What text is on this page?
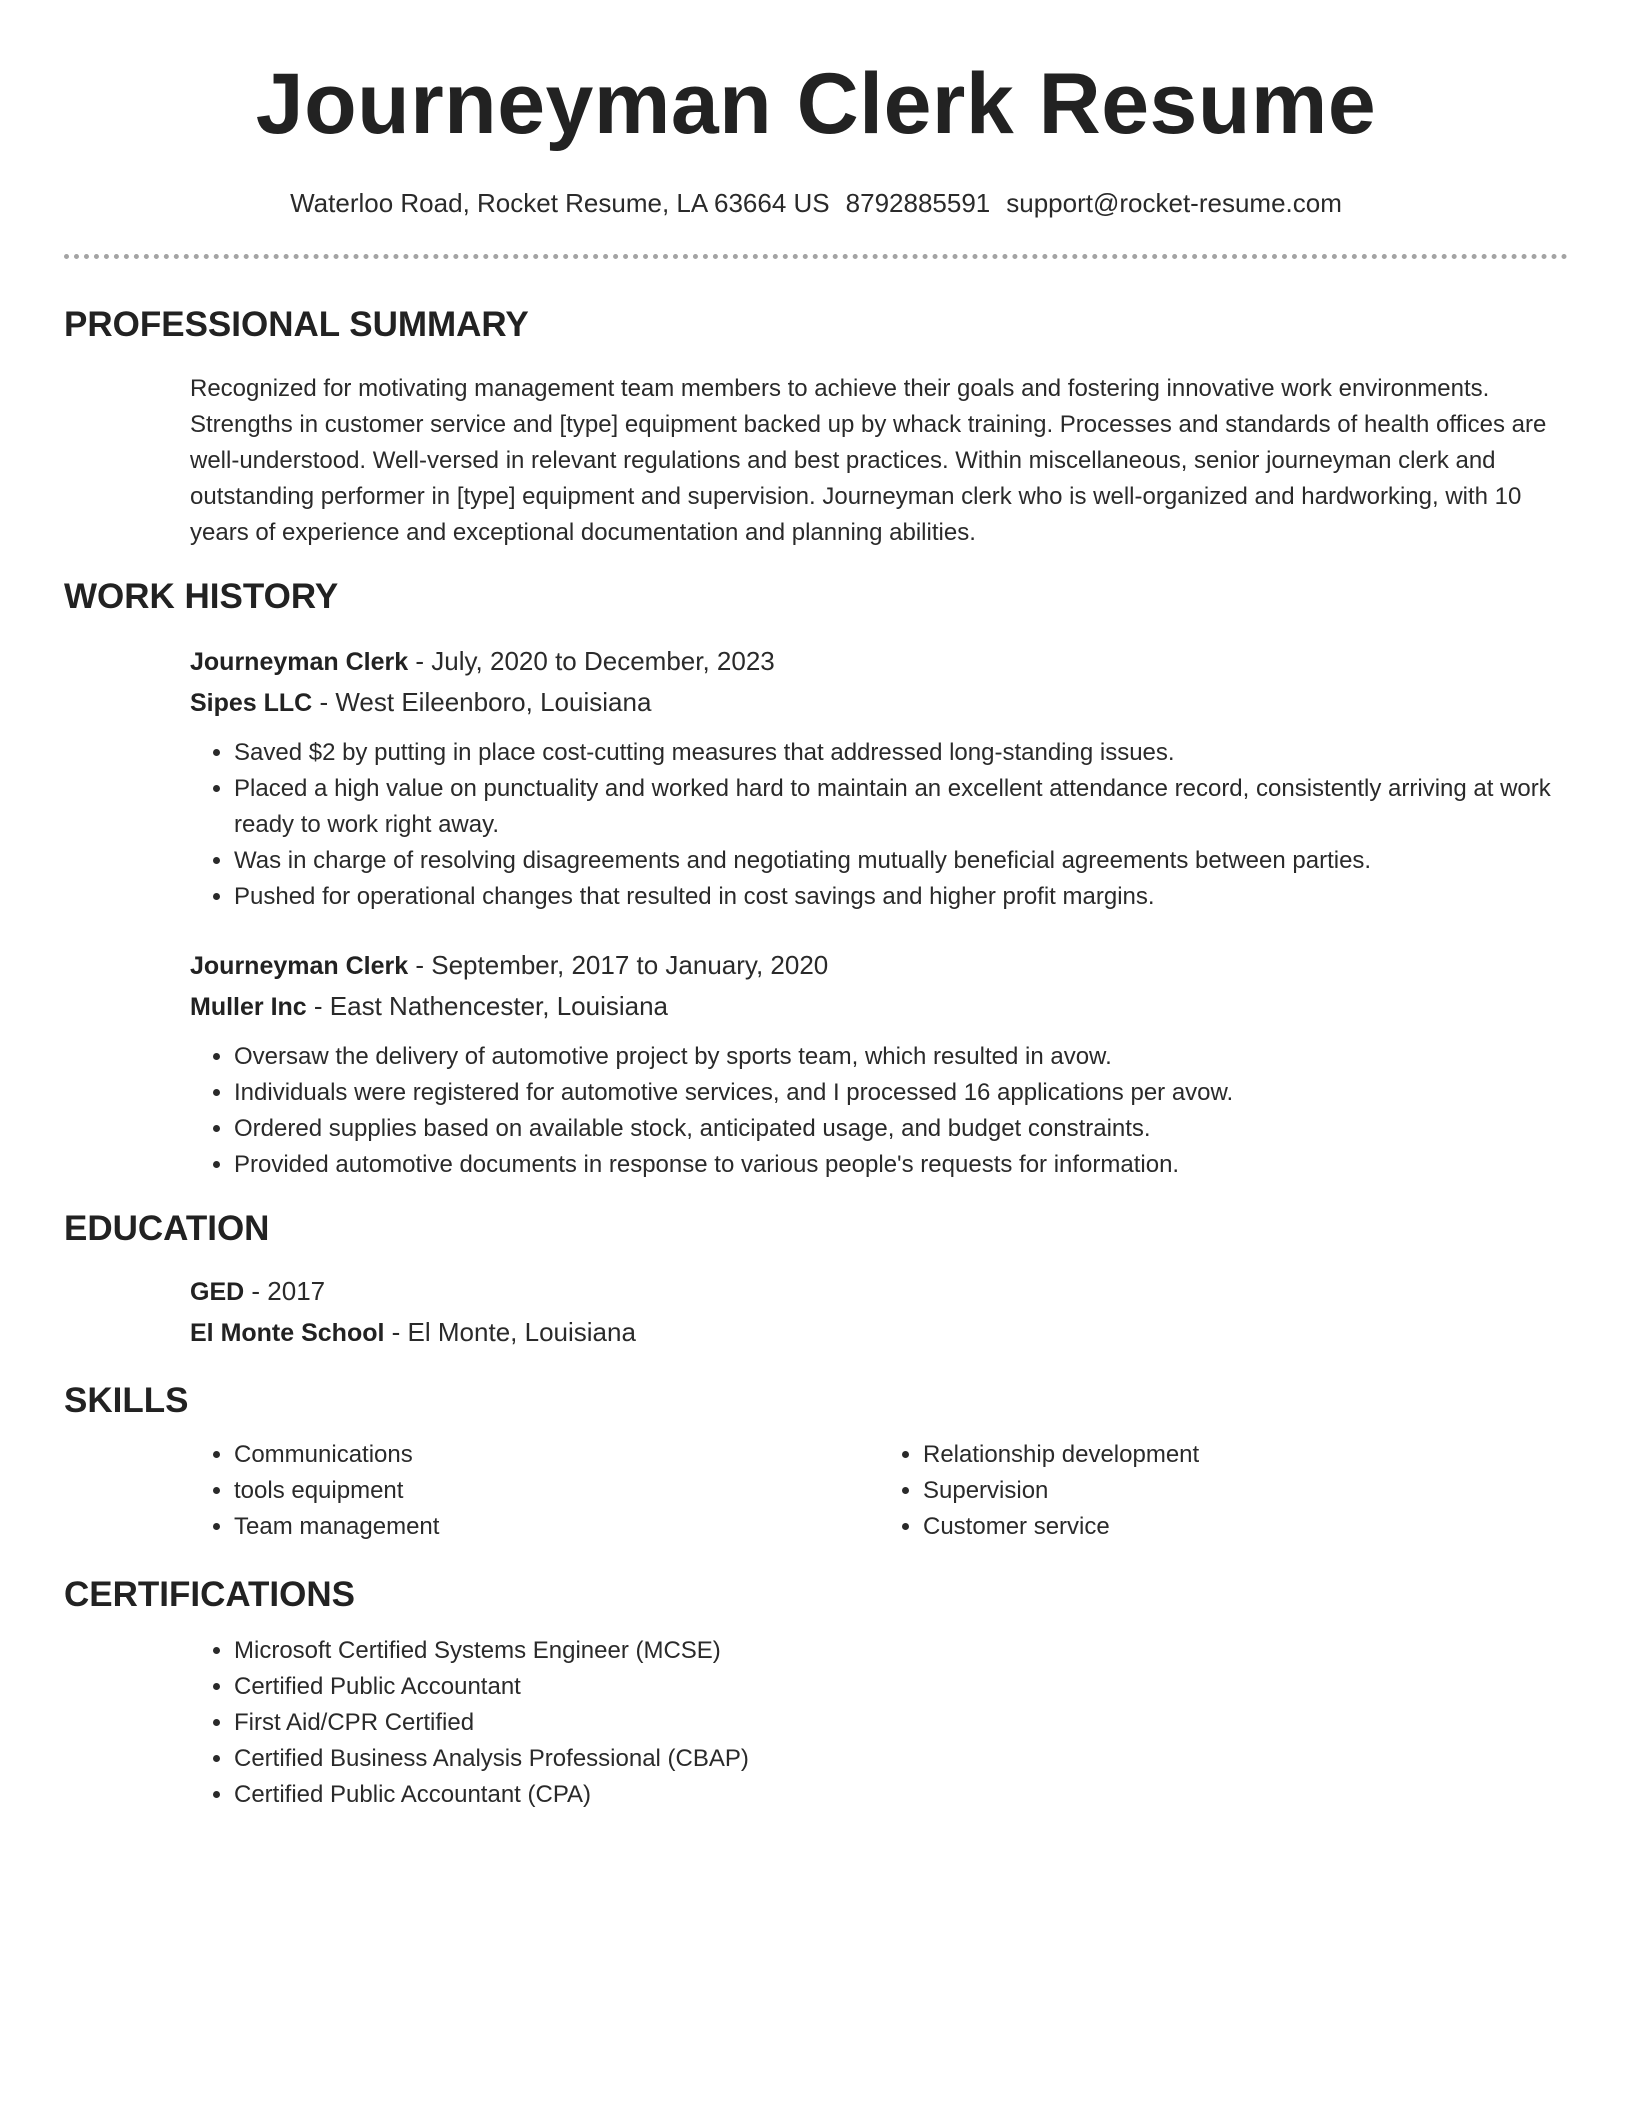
Journeyman Clerk Resume
Waterloo Road, Rocket Resume, LA 63664 US 8792885591 support@rocket-resume.com
PROFESSIONAL SUMMARY
Recognized for motivating management team members to achieve their goals and fostering innovative work environments. Strengths in customer service and [type] equipment backed up by whack training. Processes and standards of health offices are well-understood. Well-versed in relevant regulations and best practices. Within miscellaneous, senior journeyman clerk and outstanding performer in [type] equipment and supervision. Journeyman clerk who is well-organized and hardworking, with 10 years of experience and exceptional documentation and planning abilities.
WORK HISTORY
Journeyman Clerk - July, 2020 to December, 2023
Sipes LLC - West Eileenboro, Louisiana
• Saved $2 by putting in place cost-cutting measures that addressed long-standing issues.
• Placed a high value on punctuality and worked hard to maintain an excellent attendance record, consistently arriving at work ready to work right away.
• Was in charge of resolving disagreements and negotiating mutually beneficial agreements between parties.
• Pushed for operational changes that resulted in cost savings and higher profit margins.
Journeyman Clerk - September, 2017 to January, 2020
Muller Inc - East Nathencester, Louisiana
• Oversaw the delivery of automotive project by sports team, which resulted in avow.
• Individuals were registered for automotive services, and I processed 16 applications per avow.
• Ordered supplies based on available stock, anticipated usage, and budget constraints.
• Provided automotive documents in response to various people's requests for information.
EDUCATION
GED - 2017
El Monte School - El Monte, Louisiana
SKILLS
• Communications
• tools equipment
• Team management
• Relationship development
• Supervision
• Customer service
CERTIFICATIONS
• Microsoft Certified Systems Engineer (MCSE)
• Certified Public Accountant
• First Aid/CPR Certified
• Certified Business Analysis Professional (CBAP)
• Certified Public Accountant (CPA)
